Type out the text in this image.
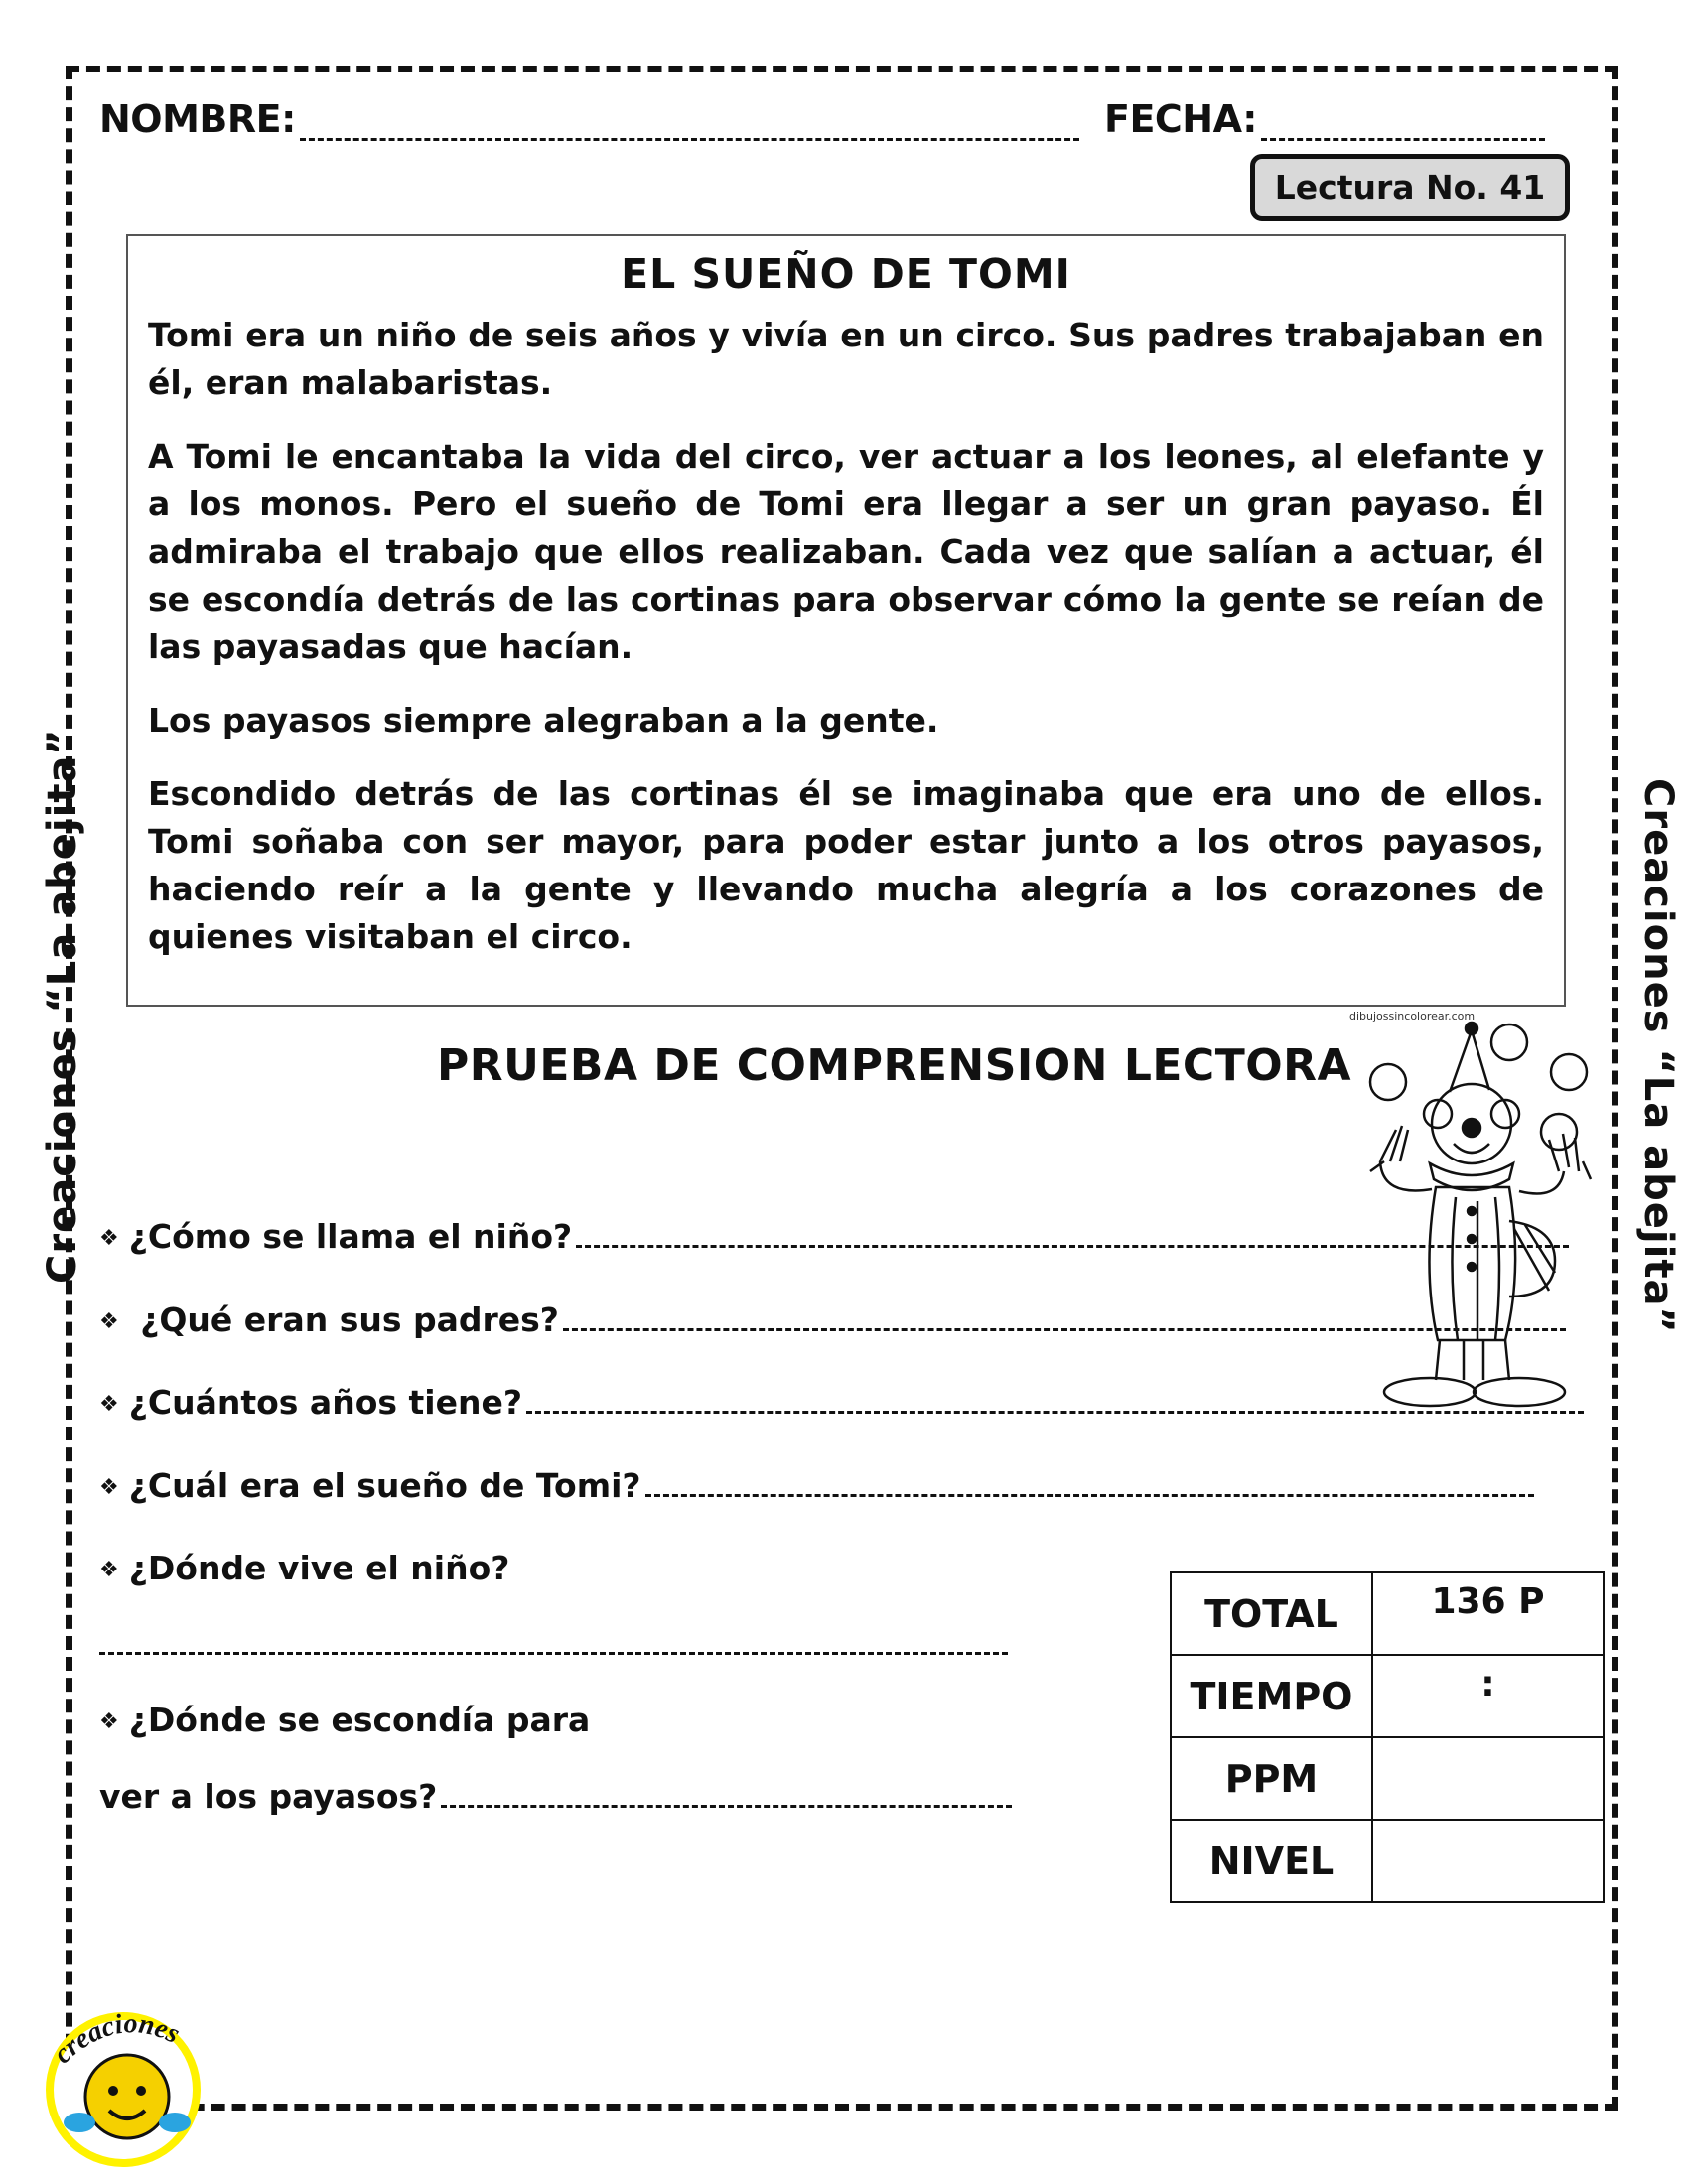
NOMBRE:	FECHA:
Lectura No. 41
EL SUEÑO DE TOMI

Tomi era un niño de seis años y vivía en un circo. Sus padres trabajaban en él, eran malabaristas.

A Tomi le encantaba la vida del circo, ver actuar a los leones, al elefante y a los monos. Pero el sueño de Tomi era llegar a ser un gran payaso. Él admiraba el trabajo que ellos realizaban. Cada vez que salían a actuar, él se escondía detrás de las cortinas para observar cómo la gente se reían de las payasadas que hacían.

Los payasos siempre alegraban a la gente.

Escondido detrás de las cortinas él se imaginaba que era uno de ellos. Tomi soñaba con ser mayor, para poder estar junto a los otros payasos, haciendo reír a la gente y llevando mucha alegría a los corazones de quienes visitaban el circo.

dibujossincolorear.com
PRUEBA DE COMPRENSION LECTORA
❖ ¿Cómo se llama el niño?
❖ ¿Qué eran sus padres?
❖ ¿Cuántos años tiene?
❖ ¿Cuál era el sueño de Tomi?
❖ ¿Dónde vive el niño?
❖ ¿Dónde se escondía para
ver a los payasos?
TOTAL	136 P
TIEMPO	:
PPM	
NIVEL	
Creaciones “La abejita”	Creaciones “La abejita”
creaciones
